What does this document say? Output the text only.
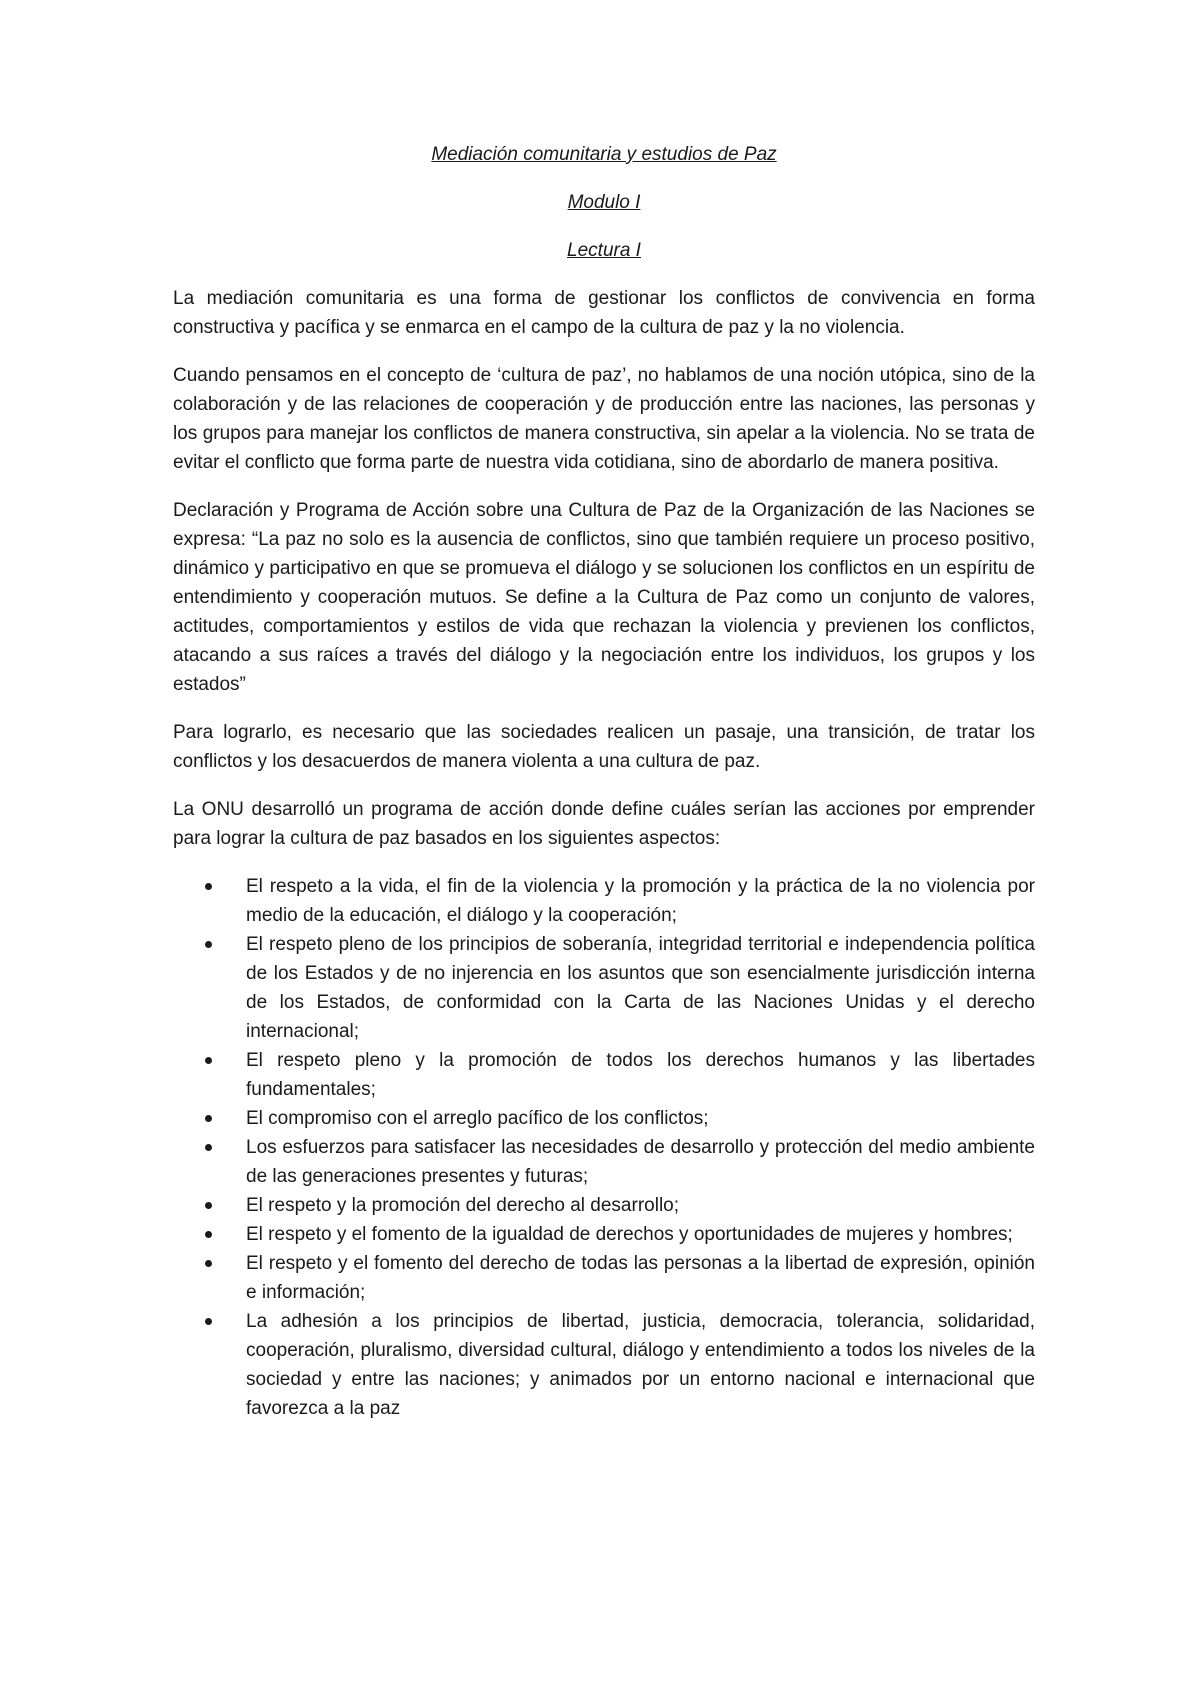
Mediación comunitaria y estudios de Paz

Modulo I

Lectura I

La mediación comunitaria es una forma de gestionar los conflictos de convivencia en forma constructiva y pacífica y se enmarca en el campo de la cultura de paz y la no violencia.

Cuando pensamos en el concepto de ‘cultura de paz’, no hablamos de una noción utópica, sino de la colaboración y de las relaciones de cooperación y de producción entre las naciones, las personas y los grupos para manejar los conflictos de manera constructiva, sin apelar a la violencia. No se trata de evitar el conflicto que forma parte de nuestra vida cotidiana, sino de abordarlo de manera positiva.

Declaración y Programa de Acción sobre una Cultura de Paz de la Organización de las Naciones se expresa: “La paz no solo es la ausencia de conflictos, sino que también requiere un proceso positivo, dinámico y participativo en que se promueva el diálogo y se solucionen los conflictos en un espíritu de entendimiento y cooperación mutuos. Se define a la Cultura de Paz como un conjunto de valores, actitudes, comportamientos y estilos de vida que rechazan la violencia y previenen los conflictos, atacando a sus raíces a través del diálogo y la negociación entre los individuos, los grupos y los estados”

Para lograrlo, es necesario que las sociedades realicen un pasaje, una transición, de tratar los conflictos y los desacuerdos de manera violenta a una cultura de paz.

La ONU desarrolló un programa de acción donde define cuáles serían las acciones por emprender para lograr la cultura de paz basados en los siguientes aspectos:

El respeto a la vida, el fin de la violencia y la promoción y la práctica de la no violencia por medio de la educación, el diálogo y la cooperación;
El respeto pleno de los principios de soberanía, integridad territorial e independencia política de los Estados y de no injerencia en los asuntos que son esencialmente jurisdicción interna de los Estados, de conformidad con la Carta de las Naciones Unidas y el derecho internacional;
El respeto pleno y la promoción de todos los derechos humanos y las libertades fundamentales;
El compromiso con el arreglo pacífico de los conflictos;
Los esfuerzos para satisfacer las necesidades de desarrollo y protección del medio ambiente de las generaciones presentes y futuras;
El respeto y la promoción del derecho al desarrollo;
El respeto y el fomento de la igualdad de derechos y oportunidades de mujeres y hombres;
El respeto y el fomento del derecho de todas las personas a la libertad de expresión, opinión e información;
La adhesión a los principios de libertad, justicia, democracia, tolerancia, solidaridad, cooperación, pluralismo, diversidad cultural, diálogo y entendimiento a todos los niveles de la sociedad y entre las naciones; y animados por un entorno nacional e internacional que favorezca a la paz
